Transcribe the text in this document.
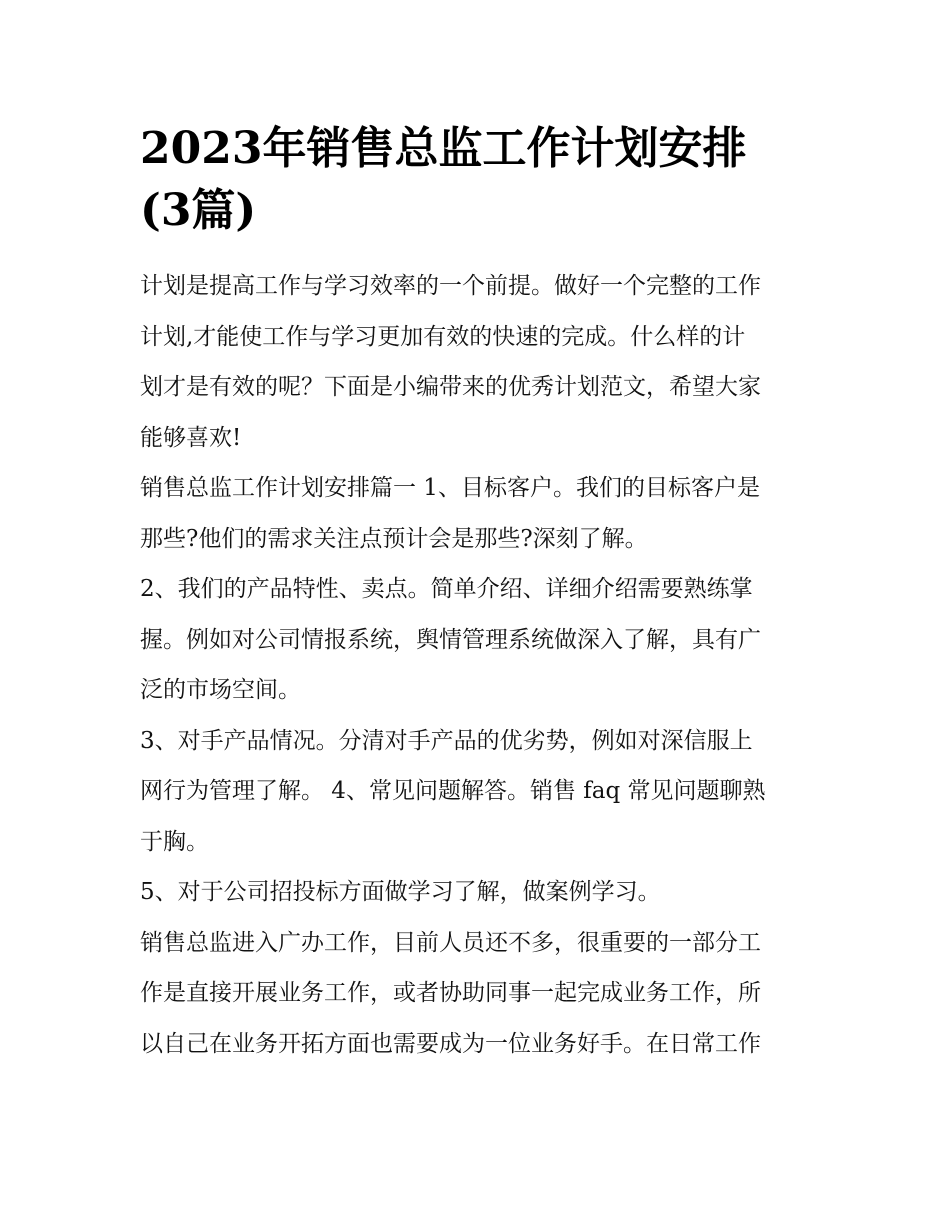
2023年销售总监工作计划安排
(3篇)

计划是提高工作与学习效率的一个前提。做好一个完整的工作
计划,才能使工作与学习更加有效的快速的完成。什么样的计
划才是有效的呢？下面是小编带来的优秀计划范文，希望大家
能够喜欢!

销售总监工作计划安排篇一 1、目标客户。我们的目标客户是
那些?他们的需求关注点预计会是那些?深刻了解。

2、我们的产品特性、卖点。简单介绍、详细介绍需要熟练掌
握。例如对公司情报系统，舆情管理系统做深入了解，具有广
泛的市场空间。

3、对手产品情况。分清对手产品的优劣势，例如对深信服上
网行为管理了解。 4、常见问题解答。销售 faq 常见问题聊熟
于胸。

5、对于公司招投标方面做学习了解，做案例学习。

销售总监进入广办工作，目前人员还不多，很重要的一部分工
作是直接开展业务工作，或者协助同事一起完成业务工作，所
以自己在业务开拓方面也需要成为一位业务好手。在日常工作
